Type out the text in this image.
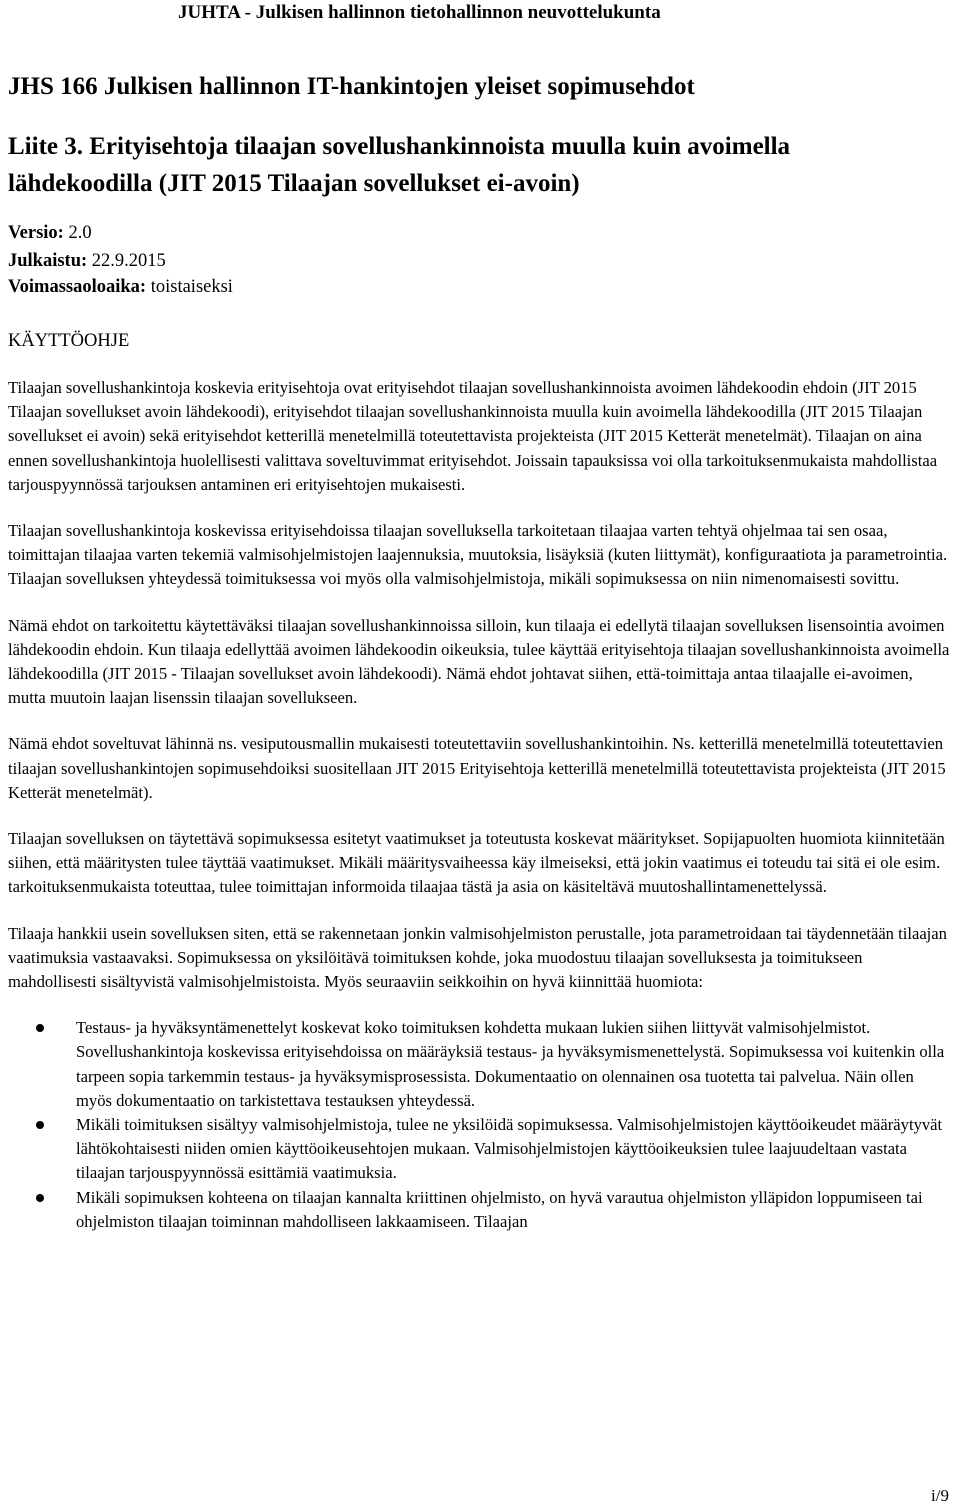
JUHTA - Julkisen hallinnon tietohallinnon neuvottelukunta
JHS 166 Julkisen hallinnon IT-hankintojen yleiset sopimusehdot
Liite 3. Erityisehtoja tilaajan sovellushankinnoista muulla kuin avoimella lähdekoodilla (JIT 2015 Tilaajan sovellukset ei-avoin)
Versio: 2.0
Julkaistu: 22.9.2015
Voimassaoloaika: toistaiseksi
KÄYTTÖOHJE

Tilaajan sovellushankintoja koskevia erityisehtoja ovat erityisehdot tilaajan sovellushankinnoista avoimen lähdekoodin ehdoin (JIT 2015 Tilaajan sovellukset avoin lähdekoodi), erityisehdot tilaajan sovellushankinnoista muulla kuin avoimella lähdekoodilla (JIT 2015 Tilaajan sovellukset ei avoin) sekä erityisehdot ketterillä menetelmillä toteutettavista projekteista (JIT 2015 Ketterät menetelmät). Tilaajan on aina ennen sovellushankintoja huolellisesti valittava soveltuvimmat erityisehdot. Joissain tapauksissa voi olla tarkoituksenmukaista mahdollistaa tarjouspyynnössä tarjouksen antaminen eri erityisehtojen mukaisesti.

Tilaajan sovellushankintoja koskevissa erityisehdoissa tilaajan sovelluksella tarkoitetaan tilaajaa varten tehtyä ohjelmaa tai sen osaa, toimittajan tilaajaa varten tekemiä valmisohjelmistojen laajennuksia, muutoksia, lisäyksiä (kuten liittymät), konfiguraatiota ja parametrointia. Tilaajan sovelluksen yhteydessä toimituksessa voi myös olla valmisohjelmistoja, mikäli sopimuksessa on niin nimenomaisesti sovittu.

Nämä ehdot on tarkoitettu käytettäväksi tilaajan sovellushankinnoissa silloin, kun tilaaja ei edellytä tilaajan sovelluksen lisensointia avoimen lähdekoodin ehdoin. Kun tilaaja edellyttää avoimen lähdekoodin oikeuksia, tulee käyttää erityisehtoja tilaajan sovellushankinnoista avoimella lähdekoodilla (JIT 2015 - Tilaajan sovellukset avoin lähdekoodi). Nämä ehdot johtavat siihen, että-toimittaja antaa tilaajalle ei-avoimen, mutta muutoin laajan lisenssin tilaajan sovellukseen.

Nämä ehdot soveltuvat lähinnä ns. vesiputousmallin mukaisesti toteutettaviin sovellushankintoihin. Ns. ketterillä menetelmillä toteutettavien tilaajan sovellushankintojen sopimusehdoiksi suositellaan JIT 2015 Erityisehtoja ketterillä menetelmillä toteutettavista projekteista (JIT 2015 Ketterät menetelmät).

Tilaajan sovelluksen on täytettävä sopimuksessa esitetyt vaatimukset ja toteutusta koskevat määritykset. Sopijapuolten huomiota kiinnitetään siihen, että määritysten tulee täyttää vaatimukset. Mikäli määritysvaiheessa käy ilmeiseksi, että jokin vaatimus ei toteudu tai sitä ei ole esim. tarkoituksenmukaista toteuttaa, tulee toimittajan informoida tilaajaa tästä ja asia on käsiteltävä muutoshallintamenettelyssä.

Tilaaja hankkii usein sovelluksen siten, että se rakennetaan jonkin valmisohjelmiston perustalle, jota parametroidaan tai täydennetään tilaajan vaatimuksia vastaavaksi. Sopimuksessa on yksilöitävä toimituksen kohde, joka muodostuu tilaajan sovelluksesta ja toimitukseen mahdollisesti sisältyvistä valmisohjelmistoista. Myös seuraaviin seikkoihin on hyvä kiinnittää huomiota:

Testaus- ja hyväksyntämenettelyt koskevat koko toimituksen kohdetta mukaan lukien siihen liittyvät valmisohjelmistot. Sovellushankintoja koskevissa erityisehdoissa on määräyksiä testaus- ja hyväksymismenettelystä. Sopimuksessa voi kuitenkin olla tarpeen sopia tarkemmin testaus- ja hyväksymisprosessista. Dokumentaatio on olennainen osa tuotetta tai palvelua. Näin ollen myös dokumentaatio on tarkistettava testauksen yhteydessä.
Mikäli toimituksen sisältyy valmisohjelmistoja, tulee ne yksilöidä sopimuksessa. Valmisohjelmistojen käyttöoikeudet määräytyvät lähtökohtaisesti niiden omien käyttöoikeusehtojen mukaan. Valmisohjelmistojen käyttöoikeuksien tulee laajuudeltaan vastata tilaajan tarjouspyynnössä esittämiä vaatimuksia.
Mikäli sopimuksen kohteena on tilaajan kannalta kriittinen ohjelmisto, on hyvä varautua ohjelmiston ylläpidon loppumiseen tai ohjelmiston tilaajan toiminnan mahdolliseen lakkaamiseen. Tilaajan
i/9
